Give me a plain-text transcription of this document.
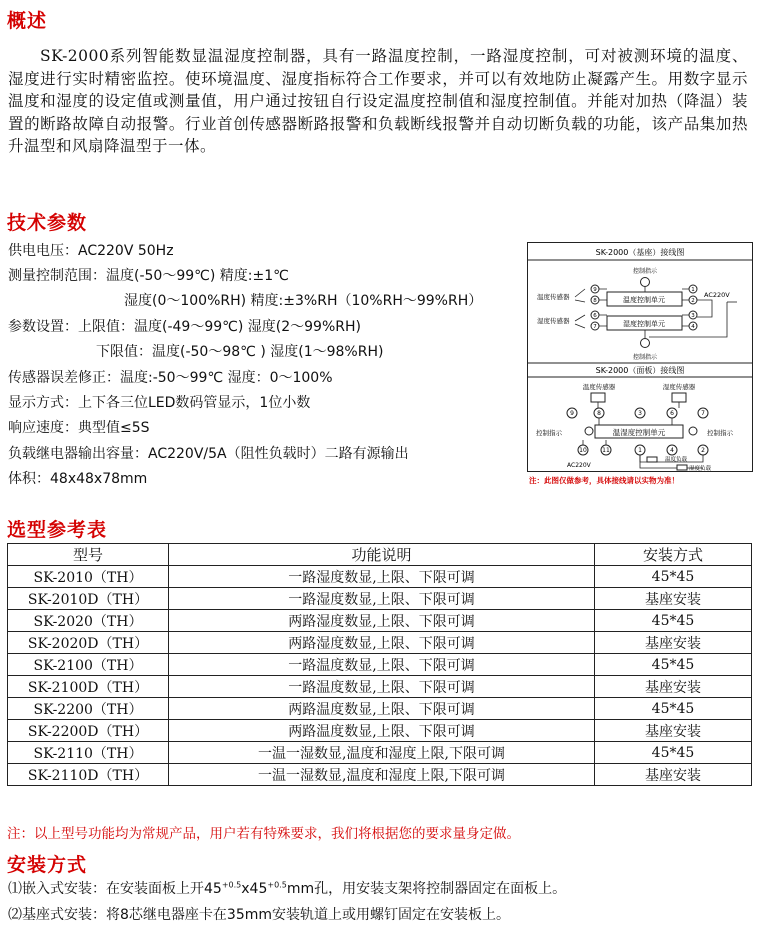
概述
SK-2000系列智能数显温湿度控制器，具有一路温度控制，一路湿度控制，可对被测环境的温度、湿度进行实时精密监控。使环境温度、湿度指标符合工作要求，并可以有效地防止凝露产生。用数字显示温度和湿度的设定值或测量值，用户通过按钮自行设定温度控制值和湿度控制值。并能对加热（降温）装置的断路故障自动报警。行业首创传感器断路报警和负载断线报警并自动切断负载的功能，该产品集加热升温型和风扇降温型于一体。
技术参数
供电电压：AC220V 50Hz
测量控制范围：温度(-50～99℃) 精度:±1℃
湿度(0～100%RH) 精度:±3%RH（10%RH～99%RH）
参数设置：上限值：温度(-49～99℃) 湿度(2～99%RH)
下限值：温度(-50～98℃ ) 湿度(1～98%RH)
传感器误差修正：温度:-50～99℃ 湿度：0～100%
显示方式：上下各三位LED数码管显示，1位小数
响应速度：典型值≤5S
负载继电器输出容量：AC220V/5A（阻性负载时）二路有源输出
体积：48x48x78mm
SK-2000（基座）接线图
控制指示
温度传感器
湿度传感器
温度控制单元
湿度控制单元
9
8
6
7
1
2
3
4
AC220V
控制指示
SK-2000（面板）接线图
温度传感器	湿度传感器
9	8	3	6	7
10	11	1	4	2
温湿度控制单元
控制指示	控制指示
AC220V
温度负载
湿度负载
注：此图仅做参考，具体接线请以实物为准！
选型参考表
型号	功能说明	安装方式
SK-2010（TH）	一路湿度数显,上限、下限可调	45*45
SK-2010D（TH）	一路湿度数显,上限、下限可调	基座安装
SK-2020（TH）	两路湿度数显,上限、下限可调	45*45
SK-2020D（TH）	两路湿度数显,上限、下限可调	基座安装
SK-2100（TH）	一路温度数显,上限、下限可调	45*45
SK-2100D（TH）	一路温度数显,上限、下限可调	基座安装
SK-2200（TH）	两路温度数显,上限、下限可调	45*45
SK-2200D（TH）	两路温度数显,上限、下限可调	基座安装
SK-2110（TH）	一温一湿数显,温度和湿度上限,下限可调	45*45
SK-2110D（TH）	一温一湿数显,温度和湿度上限,下限可调	基座安装
注：以上型号功能均为常规产品，用户若有特殊要求，我们将根据您的要求量身定做。
安装方式
⑴嵌入式安装：在安装面板上开$45^{+0.5}x45^{+0.5}mm$孔，用安装支架将控制器固定在面板上。
⑵基座式安装：将8芯继电器座卡在35mm安装轨道上或用螺钉固定在安装板上。
